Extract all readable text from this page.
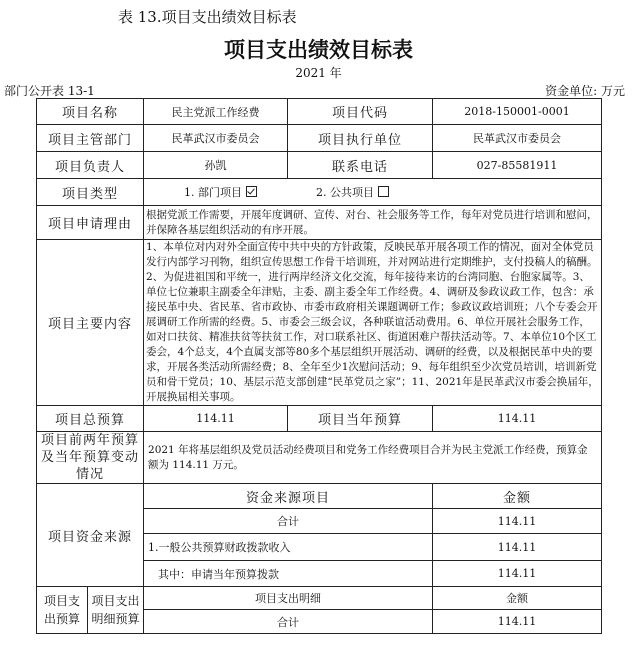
表 13.项目支出绩效目标表
项目支出绩效目标表
2021 年
部门公开表 13-1	资金单位: 万元
项目名称		民主党派工作经费	项目代码	2018-150001-0001
项目主管部门		民革武汉市委员会	项目执行单位	民革武汉市委员会
项目负责人		孙凯	联系电话	027-85581911
项目类型		1. 部门项目 2. 公共项目		
项目申请理由		根据党派工作需要，开展年度调研、宣传、对台、社会服务等工作，每年对党员进行培训和慰问，并保障各基层组织活动的有序开展。		
项目主要内容		1、本单位对内对外全面宣传中共中央的方针政策，反映民革开展各项工作的情况，面对全体党员发行内部学习刊物，组织宣传思想工作骨干培训班，并对网站进行定期维护，支付投稿人的稿酬。2、为促进祖国和平统一，进行两岸经济文化交流，每年接待来访的台湾同胞、台胞家属等。3、单位七位兼职主副委全年津贴，主委、副主委全年工作经费。4、调研及参政议政工作，包含：承接民革中央、省民革、省市政协、市委市政府相关课题调研工作；参政议政培训班；八个专委会开展调研工作所需的经费。5、市委会三级会议，各种联谊活动费用。6、单位开展社会服务工作，如对口扶贫、精准扶贫等扶贫工作，对口联系社区、街道困难户帮扶活动等。7、本单位10个区工委会，4个总支，4个直属支部等80多个基层组织开展活动、调研的经费，以及根据民革中央的要求，开展各类活动所需经费；8、全年至少1次慰问活动；9、每年组织至少次党员培训，培训新党员和骨干党员；10、基层示范支部创建“民革党员之家”；11、2021年是民革武汉市委会换届年，开展换届相关事项。		
项目总预算		114.11	项目当年预算	114.11
项目前两年预算及当年预算变动情况		2021 年将基层组织及党员活动经费项目和党务工作经费项目合并为民主党派工作经费，预算金额为 114.11 万元。		
项目资金来源		资金来源项目		金额
		合计		114.11
		1.一般公共预算财政拨款收入		114.11
		其中：申请当年预算拨款		114.11
项目支出预算	项目支出明细预算	项目支出明细		金额
		合计		114.11
